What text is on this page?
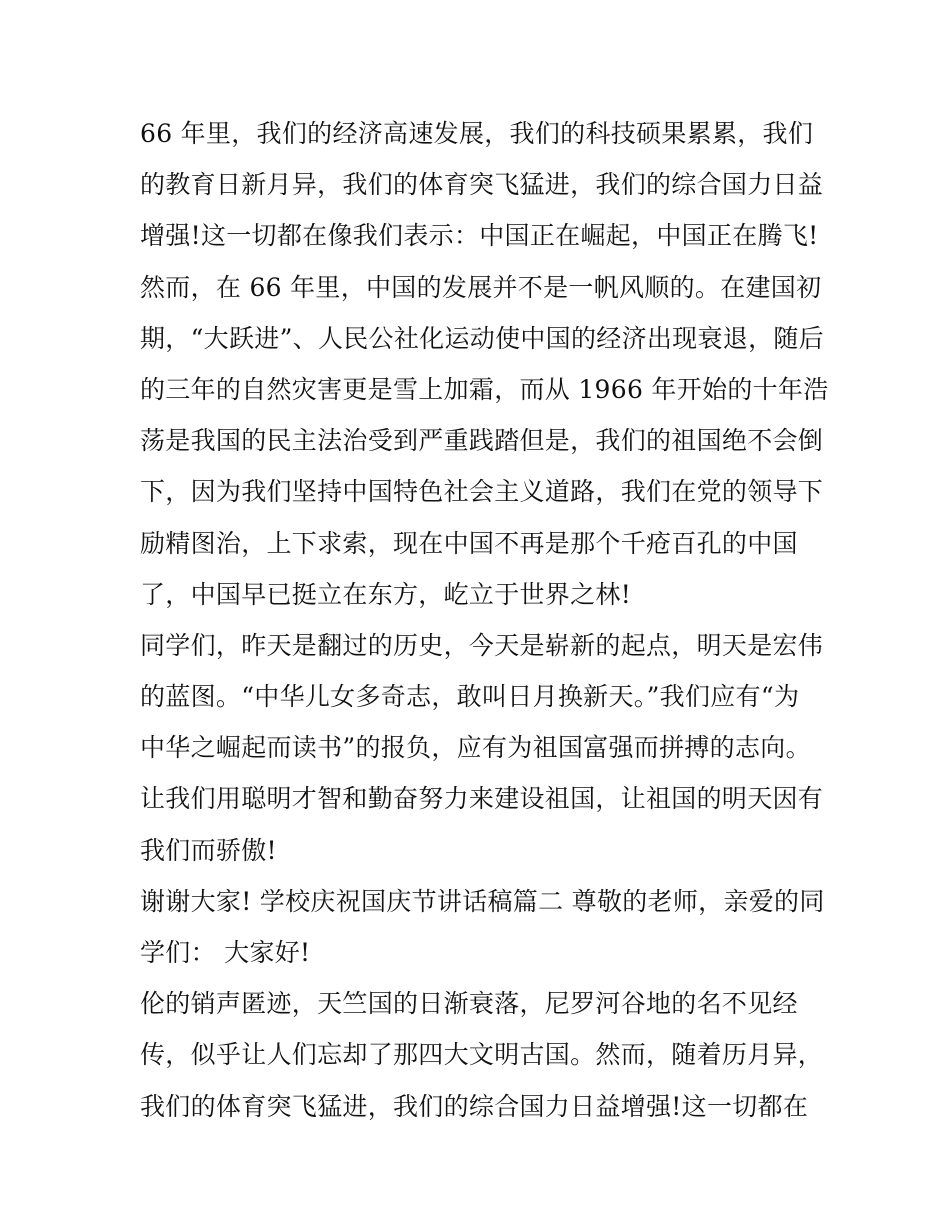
66 年里，我们的经济高速发展，我们的科技硕果累累，我们
的教育日新月异，我们的体育突飞猛进，我们的综合国力日益
增强!这一切都在像我们表示：中国正在崛起，中国正在腾飞!
然而，在 66 年里，中国的发展并不是一帆风顺的。在建国初
期，“大跃进”、人民公社化运动使中国的经济出现衰退，随后
的三年的自然灾害更是雪上加霜，而从 1966 年开始的十年浩
荡是我国的民主法治受到严重践踏但是，我们的祖国绝不会倒
下，因为我们坚持中国特色社会主义道路，我们在党的领导下
励精图治，上下求索，现在中国不再是那个千疮百孔的中国
了，中国早已挺立在东方，屹立于世界之林!
同学们，昨天是翻过的历史，今天是崭新的起点，明天是宏伟
的蓝图。“中华儿女多奇志，敢叫日月换新天。”我们应有“为
中华之崛起而读书”的报负，应有为祖国富强而拼搏的志向。
让我们用聪明才智和勤奋努力来建设祖国，让祖国的明天因有
我们而骄傲!
谢谢大家! 学校庆祝国庆节讲话稿篇二 尊敬的老师，亲爱的同
学们： 大家好!
伦的销声匿迹，天竺国的日渐衰落，尼罗河谷地的名不见经
传，似乎让人们忘却了那四大文明古国。然而，随着历月异，
我们的体育突飞猛进，我们的综合国力日益增强!这一切都在
